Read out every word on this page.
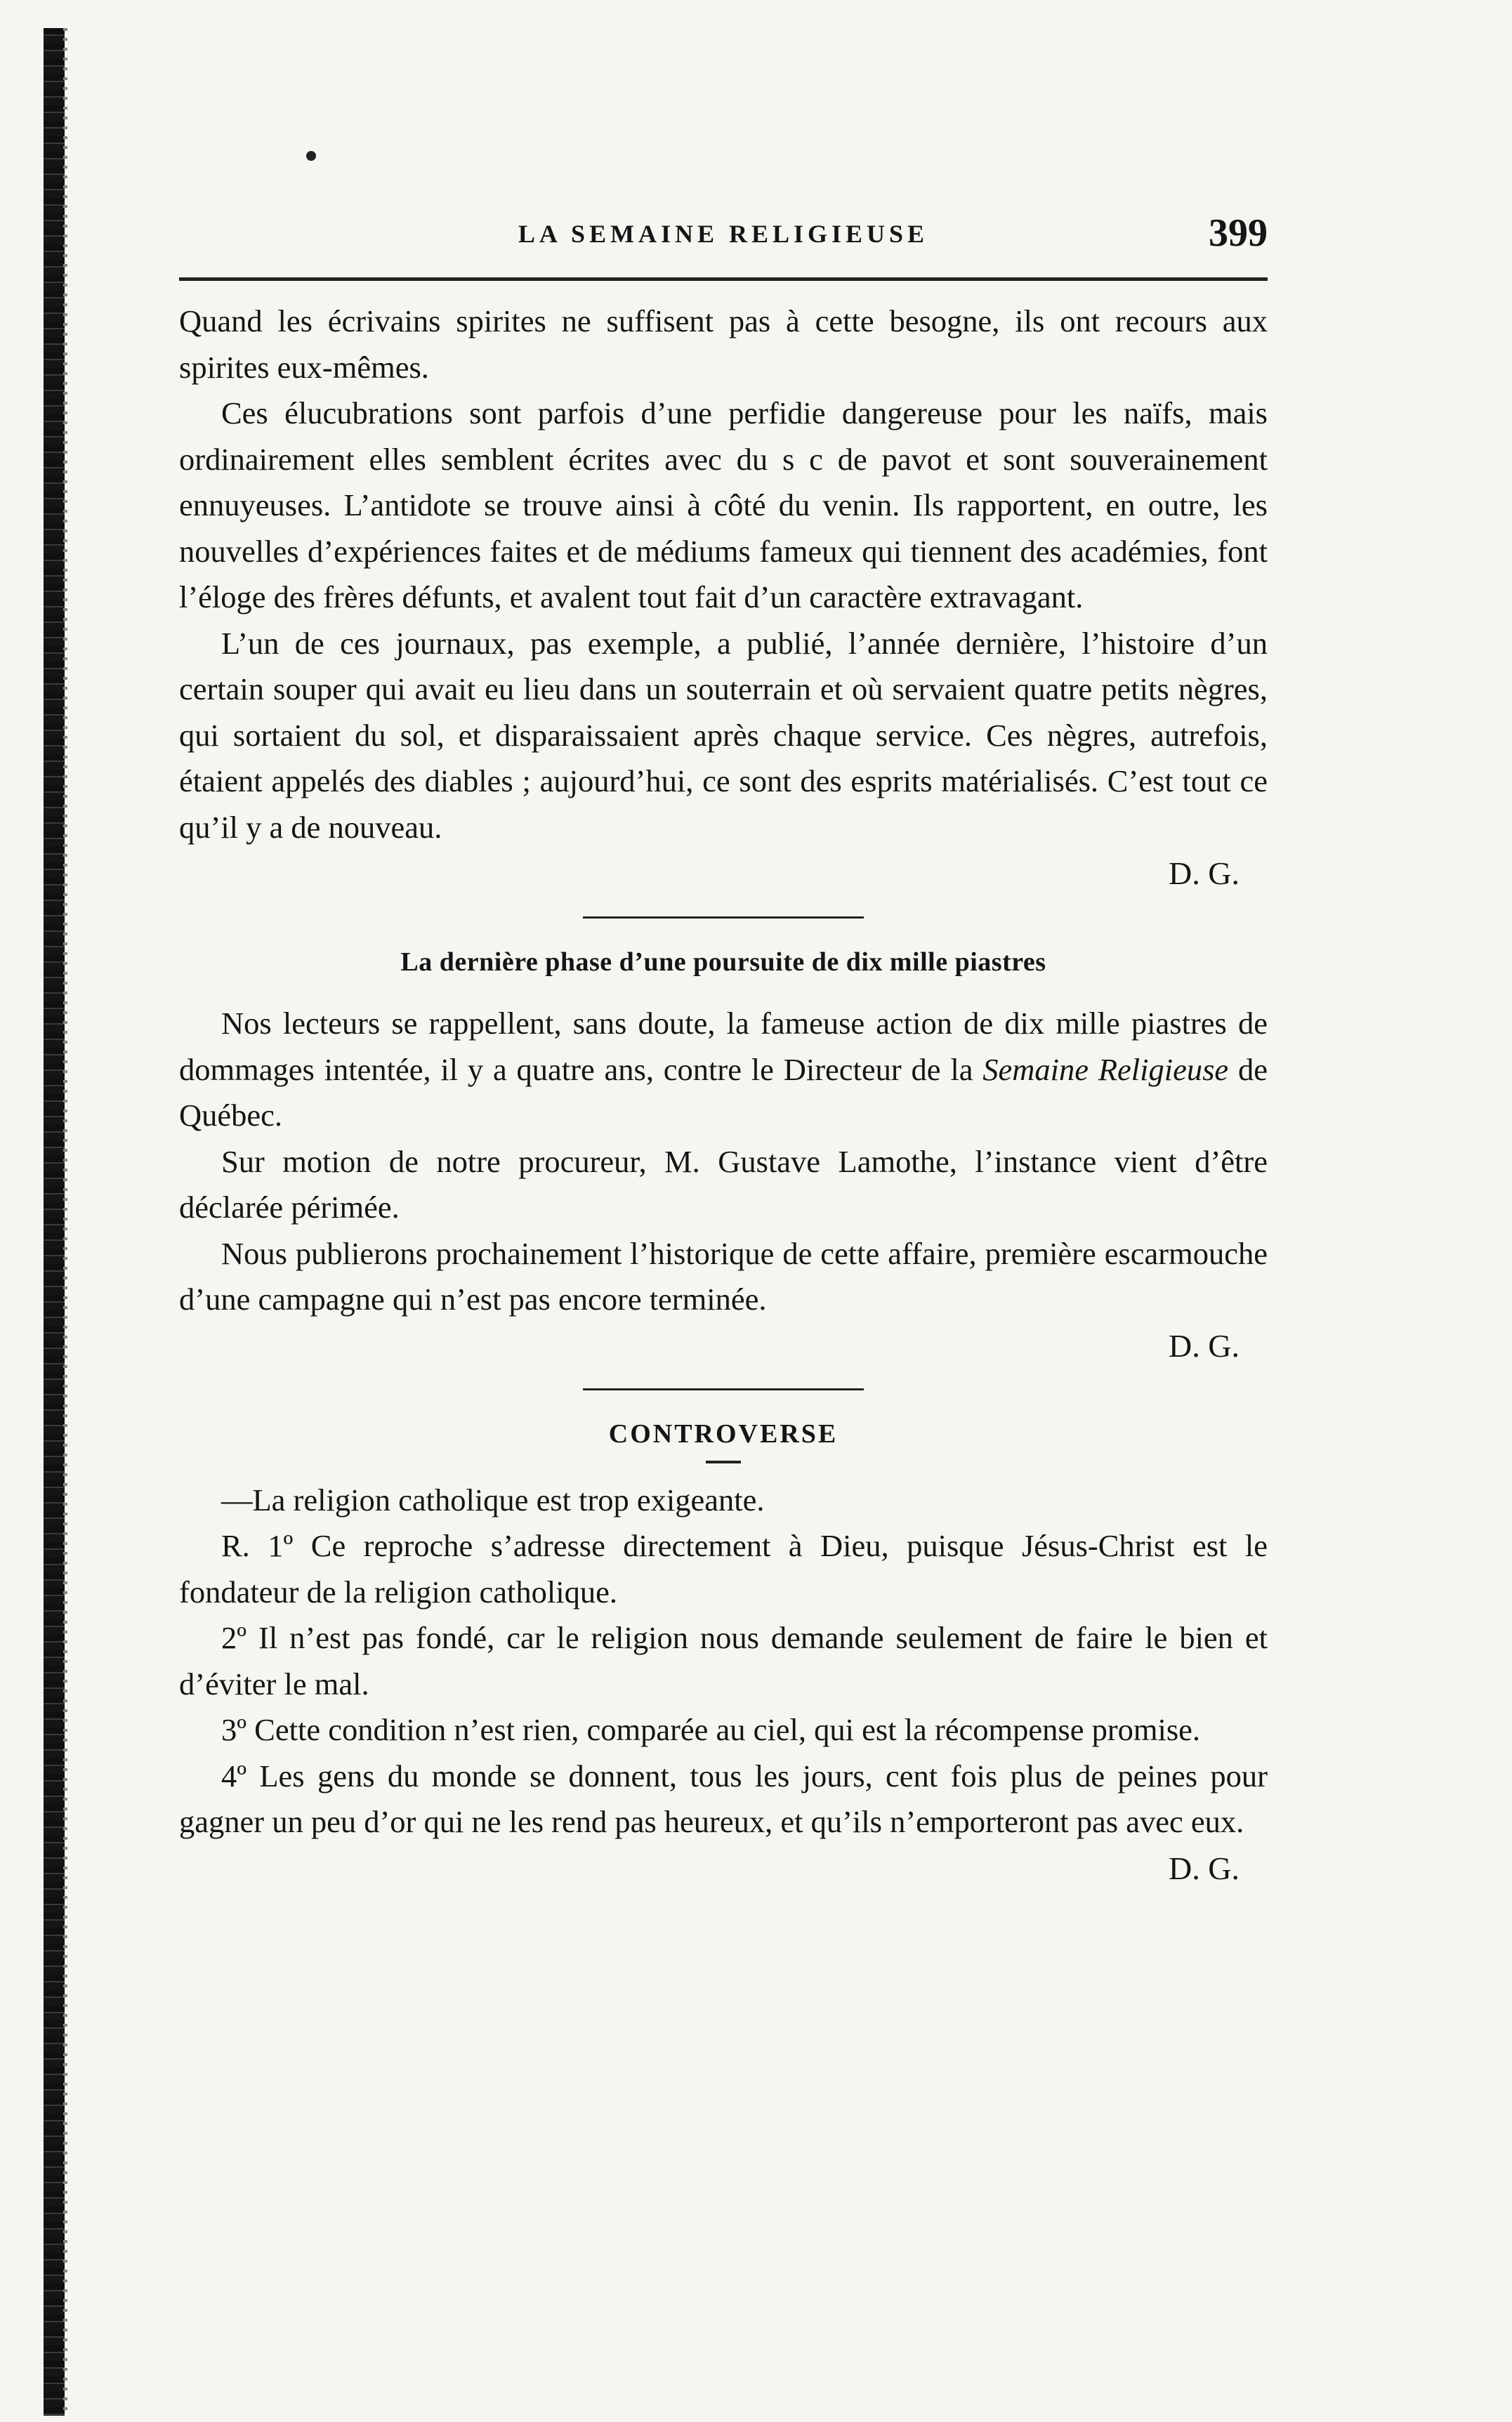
LA SEMAINE RELIGIEUSE	399

Quand les écrivains spirites ne suffisent pas à cette besogne, ils ont recours aux spirites eux-mêmes.

Ces élucubrations sont parfois d’une perfidie dangereuse pour les naïfs, mais ordinairement elles semblent écrites avec du s c de pavot et sont souverainement ennuyeuses. L’antidote se trouve ainsi à côté du venin. Ils rapportent, en outre, les nouvelles d’expériences faites et de médiums fameux qui tiennent des académies, font l’éloge des frères défunts, et avalent tout fait d’un caractère extravagant.

L’un de ces journaux, pas exemple, a publié, l’année dernière, l’histoire d’un certain souper qui avait eu lieu dans un souterrain et où servaient quatre petits nègres, qui sortaient du sol, et disparaissaient après chaque service. Ces nègres, autrefois, étaient appelés des diables ; aujourd’hui, ce sont des esprits matérialisés. C’est tout ce qu’il y a de nouveau.

D. G.

La dernière phase d’une poursuite de dix mille piastres

Nos lecteurs se rappellent, sans doute, la fameuse action de dix mille piastres de dommages intentée, il y a quatre ans, contre le Directeur de la Semaine Religieuse de Québec.

Sur motion de notre procureur, M. Gustave Lamothe, l’instance vient d’être déclarée périmée.

Nous publierons prochainement l’historique de cette affaire, première escarmouche d’une campagne qui n’est pas encore terminée.

D. G.

CONTROVERSE

—La religion catholique est trop exigeante.

R. 1º Ce reproche s’adresse directement à Dieu, puisque Jésus-Christ est le fondateur de la religion catholique.

2º Il n’est pas fondé, car le religion nous demande seulement de faire le bien et d’éviter le mal.

3º Cette condition n’est rien, comparée au ciel, qui est la récompense promise.

4º Les gens du monde se donnent, tous les jours, cent fois plus de peines pour gagner un peu d’or qui ne les rend pas heureux, et qu’ils n’emporteront pas avec eux.

D. G.
